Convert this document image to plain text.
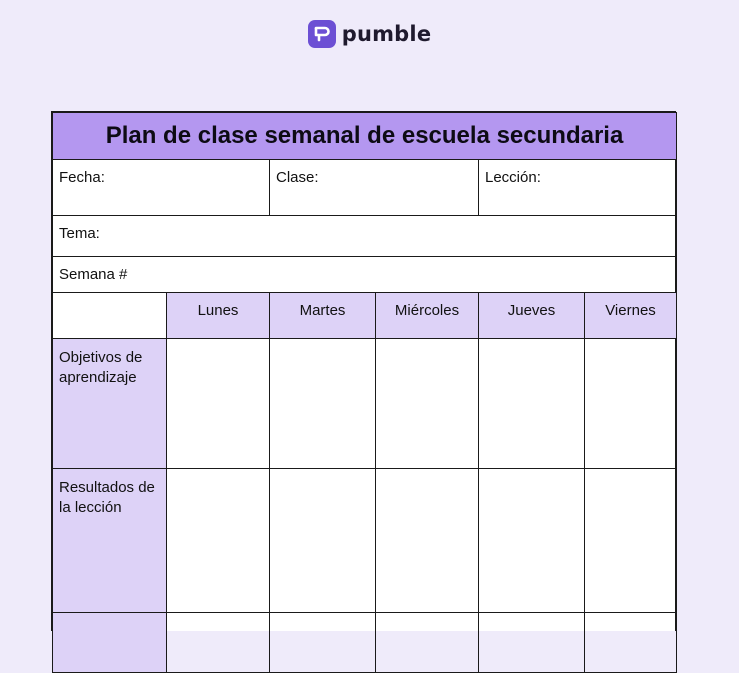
pumble
Plan de clase semanal de escuela secundaria					
Fecha:		Clase:		Lección:	
Tema:					
Semana #					
	Lunes	Martes	Miércoles	Jueves	Viernes
Objetivos de aprendizaje					
Resultados de la lección					
